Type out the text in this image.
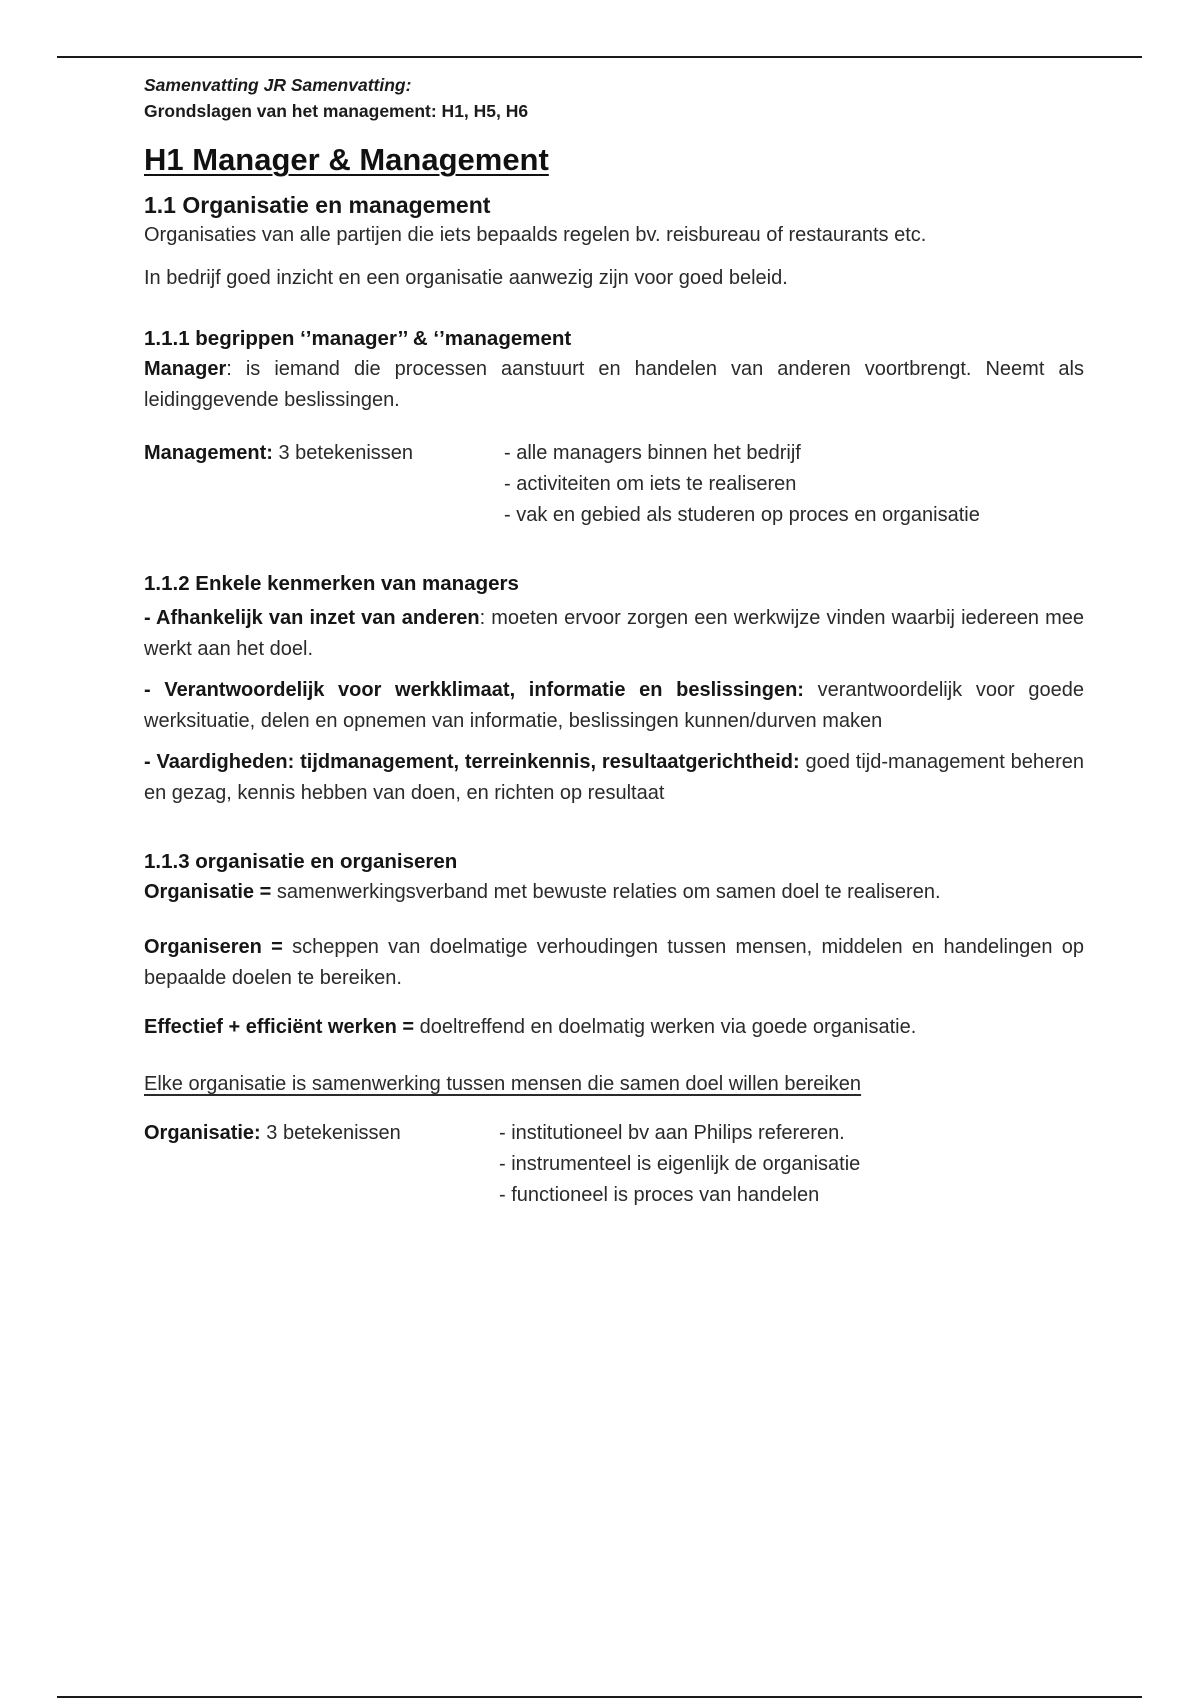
Samenvatting JR Samenvatting:
Grondslagen van het management: H1, H5, H6
H1 Manager & Management
1.1 Organisatie en management

Organisaties van alle partijen die iets bepaalds regelen bv. reisbureau of restaurants etc.

In bedrijf goed inzicht en een organisatie aanwezig zijn voor goed beleid.

1.1.1 begrippen ‘’manager’’ & ‘’management

Manager: is iemand die processen aanstuurt en handelen van anderen voortbrengt. Neemt als leidinggevende beslissingen.

Management: 3 betekenissen	- alle managers binnen het bedrijf
- activiteiten om iets te realiseren
- vak en gebied als studeren op proces en organisatie
1.1.2 Enkele kenmerken van managers

- Afhankelijk van inzet van anderen: moeten ervoor zorgen een werkwijze vinden waarbij iedereen mee werkt aan het doel.

- Verantwoordelijk voor werkklimaat, informatie en beslissingen: verantwoordelijk voor goede werksituatie, delen en opnemen van informatie, beslissingen kunnen/durven maken

- Vaardigheden: tijdmanagement, terreinkennis, resultaatgerichtheid: goed tijd-management beheren en gezag, kennis hebben van doen, en richten op resultaat

1.1.3 organisatie en organiseren

Organisatie = samenwerkingsverband met bewuste relaties om samen doel te realiseren.

Organiseren = scheppen van doelmatige verhoudingen tussen mensen, middelen en handelingen op bepaalde doelen te bereiken.

Effectief + efficiënt werken = doeltreffend en doelmatig werken via goede organisatie.

Elke organisatie is samenwerking tussen mensen die samen doel willen bereiken

Organisatie: 3 betekenissen	- institutioneel bv aan Philips refereren.
- instrumenteel is eigenlijk de organisatie
- functioneel is proces van handelen
